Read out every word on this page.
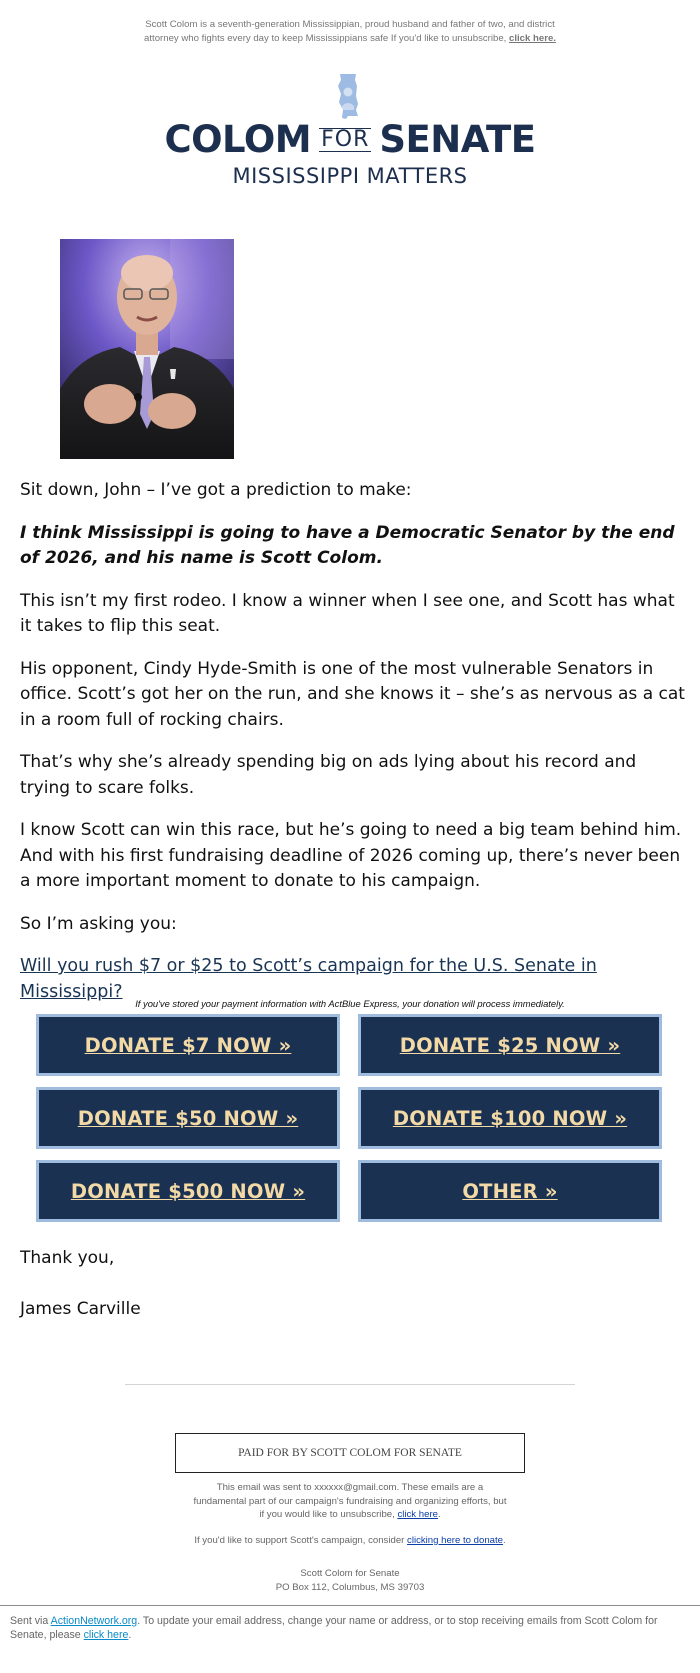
Scott Colom is a seventh-generation Mississippian, proud husband and father of two, and district
attorney who fights every day to keep Mississippians safe If you'd like to unsubscribe, click here.
COLOM FOR SENATE
MISSISSIPPI MATTERS

Sit down, John – I’ve got a prediction to make:

I think Mississippi is going to have a Democratic Senator by the end of 2026, and his name is Scott Colom.

This isn’t my first rodeo. I know a winner when I see one, and Scott has what it takes to flip this seat.

His opponent, Cindy Hyde-Smith is one of the most vulnerable Senators in office. Scott’s got her on the run, and she knows it – she’s as nervous as a cat in a room full of rocking chairs.

That’s why she’s already spending big on ads lying about his record and trying to scare folks.

I know Scott can win this race, but he’s going to need a big team behind him. And with his first fundraising deadline of 2026 coming up, there’s never been a more important moment to donate to his campaign.

So I’m asking you:

Will you rush $7 or $25 to Scott’s campaign for the U.S. Senate in Mississippi?

If you've stored your payment information with ActBlue Express, your donation will process immediately.
DONATE $7 NOW »	DONATE $25 NOW »
DONATE $50 NOW »	DONATE $100 NOW »
DONATE $500 NOW »	OTHER »
Thank you,
James Carville
PAID FOR BY SCOTT COLOM FOR SENATE
This email was sent to xxxxxx@gmail.com. These emails are a
fundamental part of our campaign's fundraising and organizing efforts, but
if you would like to unsubscribe, click here.
If you'd like to support Scott's campaign, consider clicking here to donate.
Scott Colom for Senate
PO Box 112, Columbus, MS 39703
Sent via ActionNetwork.org. To update your email address, change your name or address, or to stop receiving emails from Scott Colom for
Senate, please click here.
